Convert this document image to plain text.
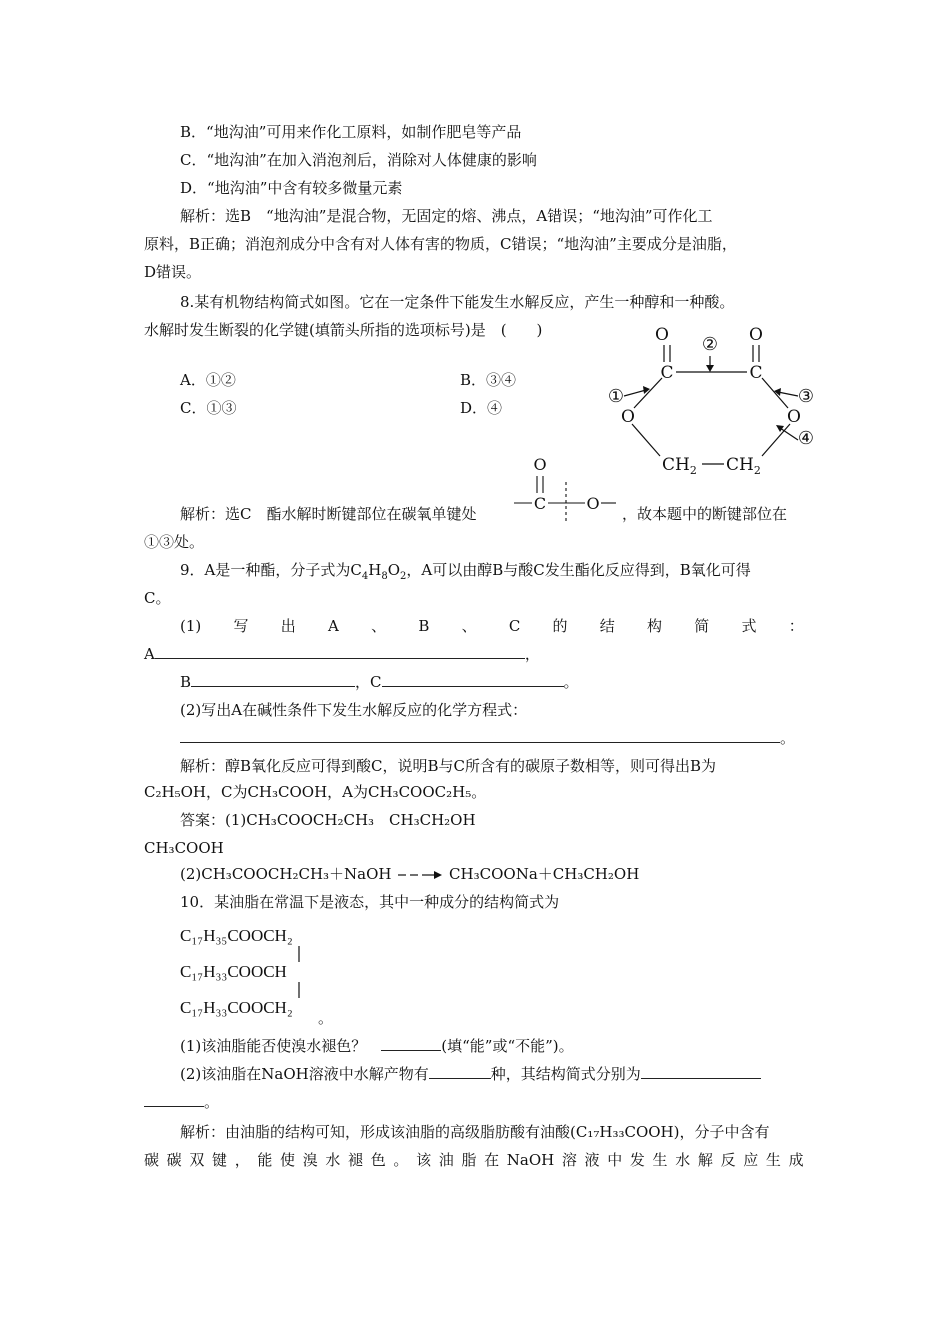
B．“地沟油”可用来作化工原料，如制作肥皂等产品
C．“地沟油”在加入消泡剂后，消除对人体健康的影响
D．“地沟油”中含有较多微量元素
解析：选B　“地沟油”是混合物，无固定的熔、沸点，A错误；“地沟油”可作化工
原料，B正确；消泡剂成分中含有对人体有害的物质，C错误；“地沟油”主要成分是油脂，
D错误。
8.某有机物结构简式如图。它在一定条件下能发生水解反应，产生一种醇和一种酸。
水解时发生断裂的化学键(填箭头所指的选项标号)是　(　　)
A．①②	B．③④
C．①③	D．④
O	O
C	C
O	O
$CH_2$ $CH_2$
①
②
③
④
解析：选C　酯水解时断键部位在碳氧单键处
O
C	O
，故本题中的断键部位在
①③处。
9．A是一种酯，分子式为$C_4H_8O_2$，A可以由醇B与酸C发生酯化反应得到，B氧化可得
C。
(1) 写 出 A 、 B 、 C 的 结 构 简 式 ：
A	，
B	，C	。
(2)写出A在碱性条件下发生水解反应的化学方程式：
。
解析：醇B氧化反应可得到酸C，说明B与C所含有的碳原子数相等，则可得出B为
C₂H₅OH，C为CH₃COOH，A为CH₃COOC₂H₅。
答案：(1)CH₃COOCH₂CH₃　CH₃CH₂OH
CH₃COOH
(2)CH₃COOCH₂CH₃＋NaOH	CH₃COONa＋CH₃CH₂OH
10．某油脂在常温下是液态，其中一种成分的结构简式为
C₁₇H₃₅COOCH₂
C₁₇H₃₃COOCH
C₁₇H₃₃COOCH₂
。
(1)该油脂能否使溴水褪色？　	(填“能”或“不能”)。
(2)该油脂在NaOH溶液中水解产物有	种，其结构简式分别为
。
解析：由油脂的结构可知，形成该油脂的高级脂肪酸有油酸(C₁₇H₃₃COOH)，分子中含有
碳 碳 双 键 ， 能 使 溴 水 褪 色 。 该 油 脂 在 NaOH 溶 液 中 发 生 水 解 反 应 生 成
